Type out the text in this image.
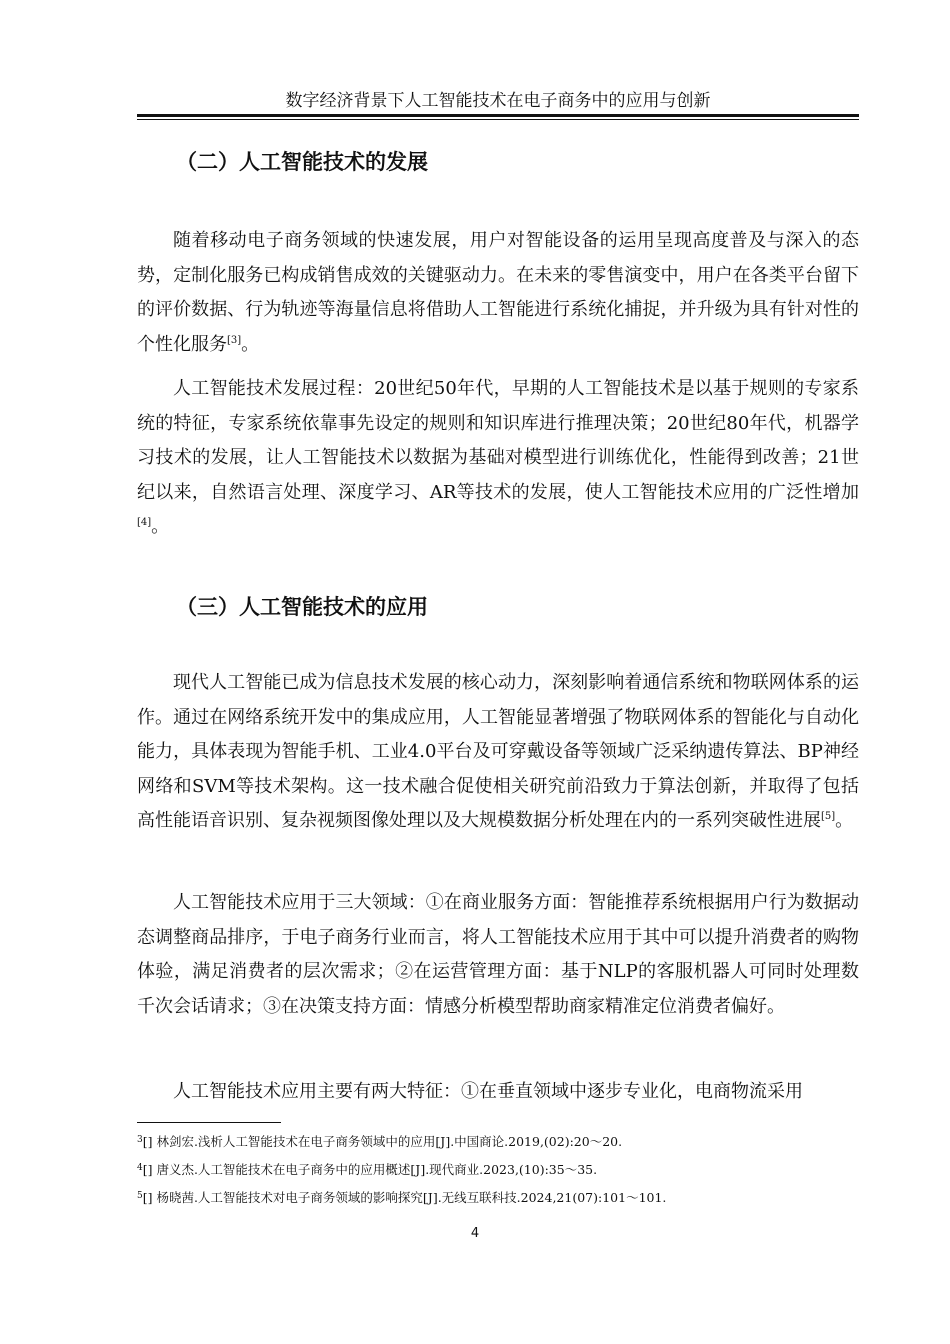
数字经济背景下人工智能技术在电子商务中的应用与创新
（二）人工智能技术的发展

随着移动电子商务领域的快速发展，用户对智能设备的运用呈现高度普及与深入的态势，定制化服务已构成销售成效的关键驱动力。在未来的零售演变中，用户在各类平台留下的评价数据、行为轨迹等海量信息将借助人工智能进行系统化捕捉，并升级为具有针对性的个性化服务[3]。

人工智能技术发展过程：20世纪50年代，早期的人工智能技术是以基于规则的专家系统的特征，专家系统依靠事先设定的规则和知识库进行推理决策；20世纪80年代，机器学习技术的发展，让人工智能技术以数据为基础对模型进行训练优化，性能得到改善；21世纪以来，自然语言处理、深度学习、AR等技术的发展，使人工智能技术应用的广泛性增加[4]。

（三）人工智能技术的应用

现代人工智能已成为信息技术发展的核心动力，深刻影响着通信系统和物联网体系的运作。通过在网络系统开发中的集成应用，人工智能显著增强了物联网体系的智能化与自动化能力，具体表现为智能手机、工业4.0平台及可穿戴设备等领域广泛采纳遗传算法、BP神经网络和SVM等技术架构。这一技术融合促使相关研究前沿致力于算法创新，并取得了包括高性能语音识别、复杂视频图像处理以及大规模数据分析处理在内的一系列突破性进展[5]。

人工智能技术应用于三大领域：①在商业服务方面：智能推荐系统根据用户行为数据动态调整商品排序，于电子商务行业而言，将人工智能技术应用于其中可以提升消费者的购物体验，满足消费者的层次需求；②在运营管理方面：基于NLP的客服机器人可同时处理数千次会话请求；③在决策支持方面：情感分析模型帮助商家精准定位消费者偏好。

人工智能技术应用主要有两大特征：①在垂直领域中逐步专业化，电商物流采用

$^3$[] 林剑宏.浅析人工智能技术在电子商务领域中的应用[J].中国商论.2019,(02):20～20.
$^4$[] 唐义杰.人工智能技术在电子商务中的应用概述[J].现代商业.2023,(10):35～35.
$^5$[] 杨晓茜.人工智能技术对电子商务领域的影响探究[J].无线互联科技.2024,21(07):101～101.
4
